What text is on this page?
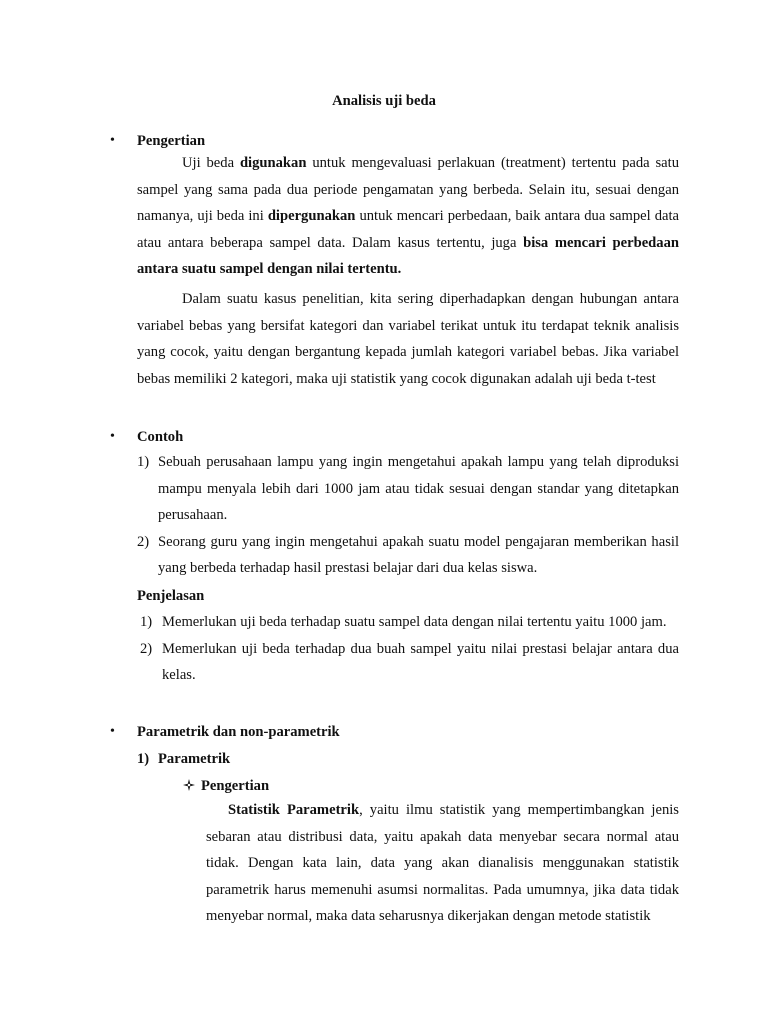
Analisis uji beda
•	Pengertian

Uji beda digunakan untuk mengevaluasi perlakuan (treatment) tertentu pada satu sampel yang sama pada dua periode pengamatan yang berbeda. Selain itu, sesuai dengan namanya, uji beda ini dipergunakan untuk mencari perbedaan, baik antara dua sampel data atau antara beberapa sampel data. Dalam kasus tertentu, juga bisa mencari perbedaan antara suatu sampel dengan nilai tertentu.

Dalam suatu kasus penelitian, kita sering diperhadapkan dengan hubungan antara variabel bebas yang bersifat kategori dan variabel terikat untuk itu terdapat teknik analisis yang cocok, yaitu dengan bergantung kepada jumlah kategori variabel bebas. Jika variabel bebas memiliki 2 kategori, maka uji statistik yang cocok digunakan adalah uji beda t-test

•	Contoh
1) Sebuah perusahaan lampu yang ingin mengetahui apakah lampu yang telah diproduksi mampu menyala lebih dari 1000 jam atau tidak sesuai dengan standar yang ditetapkan perusahaan.
2) Seorang guru yang ingin mengetahui apakah suatu model pengajaran memberikan hasil yang berbeda terhadap hasil prestasi belajar dari dua kelas siswa.
Penjelasan
1) Memerlukan uji beda terhadap suatu sampel data dengan nilai tertentu yaitu 1000 jam.
2) Memerlukan uji beda terhadap dua buah sampel yaitu nilai prestasi belajar antara dua kelas.
•	Parametrik dan non-parametrik
1) Parametrik
Pengertian

Statistik Parametrik, yaitu ilmu statistik yang mempertimbangkan jenis sebaran atau distribusi data, yaitu apakah data menyebar secara normal atau tidak. Dengan kata lain, data yang akan dianalisis menggunakan statistik parametrik harus memenuhi asumsi normalitas. Pada umumnya, jika data tidak menyebar normal, maka data seharusnya dikerjakan dengan metode statistik
